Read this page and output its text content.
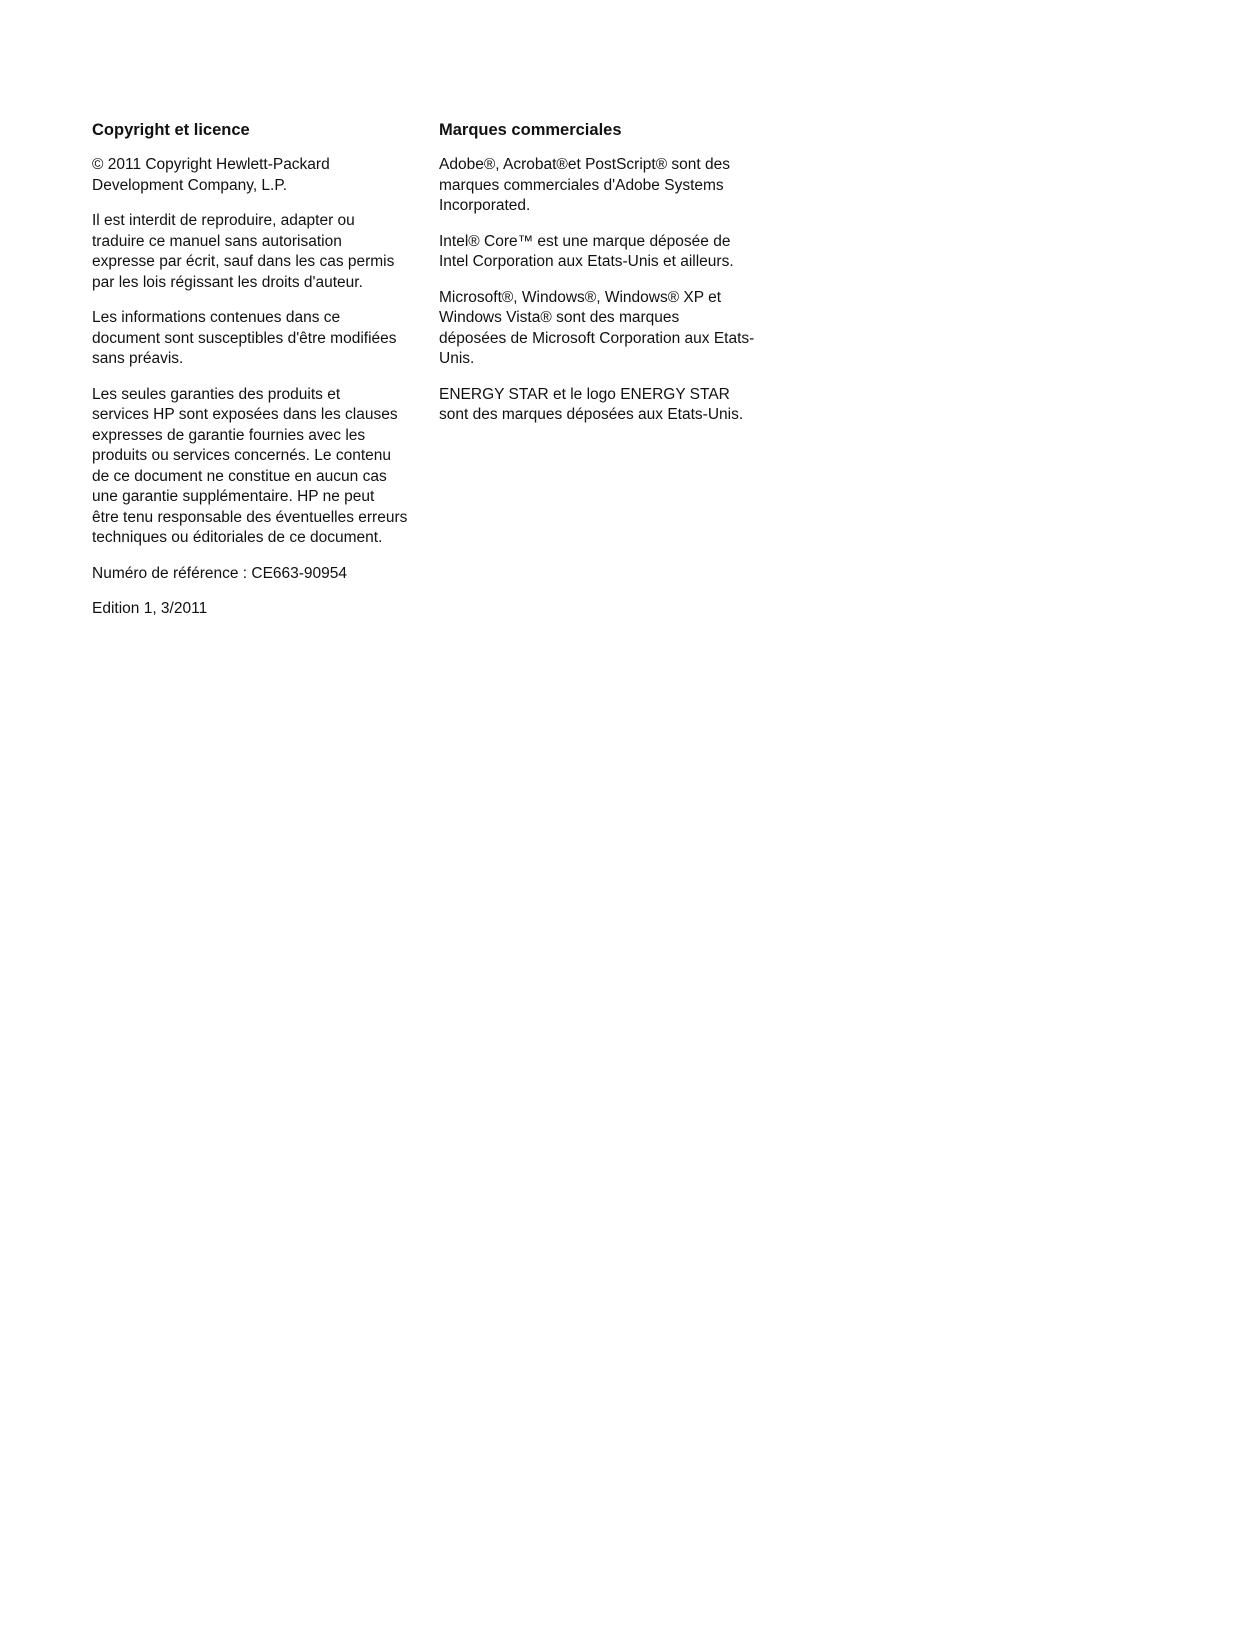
Copyright et licence

© 2011 Copyright Hewlett-Packard
Development Company, L.P.

Il est interdit de reproduire, adapter ou
traduire ce manuel sans autorisation
expresse par écrit, sauf dans les cas permis
par les lois régissant les droits d'auteur.

Les informations contenues dans ce
document sont susceptibles d'être modifiées
sans préavis.

Les seules garanties des produits et
services HP sont exposées dans les clauses
expresses de garantie fournies avec les
produits ou services concernés. Le contenu
de ce document ne constitue en aucun cas
une garantie supplémentaire. HP ne peut
être tenu responsable des éventuelles erreurs
techniques ou éditoriales de ce document.

Numéro de référence : CE663-90954

Edition 1, 3/2011

Marques commerciales

Adobe®, Acrobat®et PostScript® sont des
marques commerciales d'Adobe Systems
Incorporated.

Intel® Core™ est une marque déposée de
Intel Corporation aux Etats-Unis et ailleurs.

Microsoft®, Windows®, Windows® XP et
Windows Vista® sont des marques
déposées de Microsoft Corporation aux Etats-
Unis.

ENERGY STAR et le logo ENERGY STAR
sont des marques déposées aux Etats-Unis.
